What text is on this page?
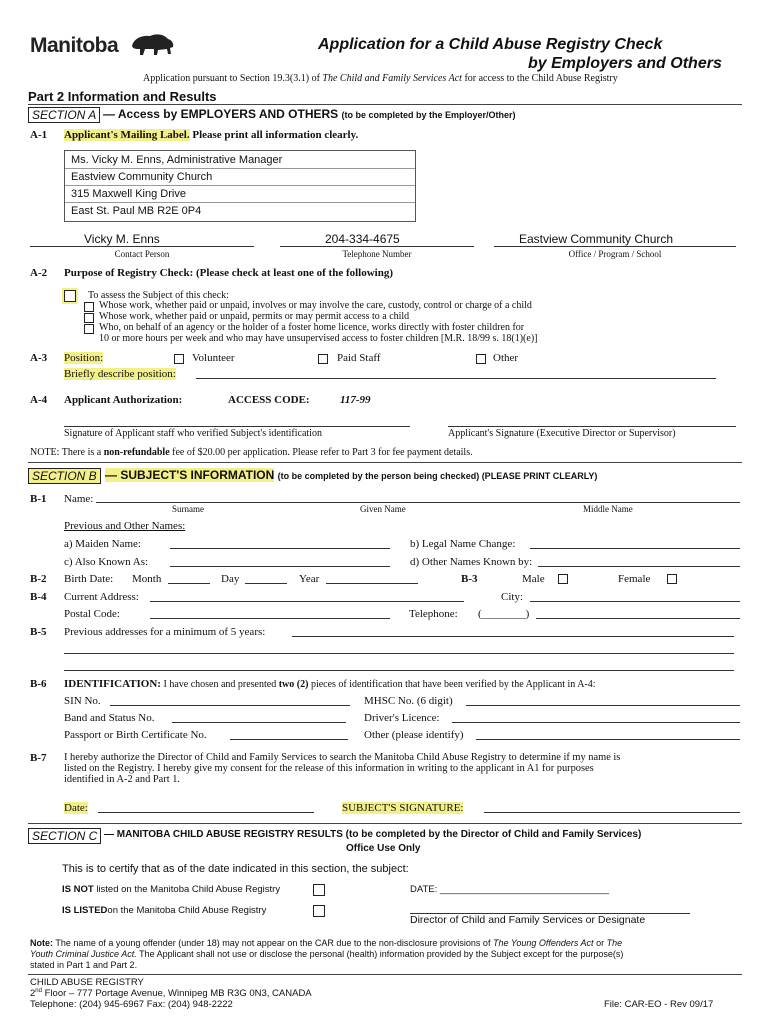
Manitoba	Application for a Child Abuse Registry Check
by Employers and Others
Application pursuant to Section 19.3(3.1) of The Child and Family Services Act for access to the Child Abuse Registry
Part 2 Information and Results
SECTION A — Access by EMPLOYERS AND OTHERS (to be completed by the Employer/Other)
A-1 Applicant's Mailing Label. Please print all information clearly.
Ms. Vicky M. Enns, Administrative Manager
Eastview Community Church
315 Maxwell King Drive
East St. Paul MB R2E 0P4
Vicky M. Enns
Contact Person
204-334-4675
Telephone Number
Eastview Community Church
Office / Program / School
A-2 Purpose of Registry Check: (Please check at least one of the following)
To assess the Subject of this check:
Whose work, whether paid or unpaid, involves or may involve the care, custody, control or charge of a child
Whose work, whether paid or unpaid, permits or may permit access to a child
Who, on behalf of an agency or the holder of a foster home licence, works directly with foster children for
10 or more hours per week and who may have unsupervised access to foster children [M.R. 18/99 s. 18(1)(e)]
A-3 Position:	Volunteer	Paid Staff	Other
Briefly describe position:
A-4 Applicant Authorization:	ACCESS CODE:	117-99
Signature of Applicant staff who verified Subject's identification	Applicant's Signature (Executive Director or Supervisor)
NOTE: There is a non-refundable fee of $20.00 per application. Please refer to Part 3 for fee payment details.
SECTION B — SUBJECT'S INFORMATION (to be completed by the person being checked) (PLEASE PRINT CLEARLY)
B-1 Name:
Surname	Given Name	Middle Name
Previous and Other Names:
a) Maiden Name:	b) Legal Name Change:
c) Also Known As:	d) Other Names Known by:
B-2 Birth Date: Month	Day	Year	B-3	Male	Female
B-4 Current Address:	City:
Postal Code:	Telephone: (________)
B-5 Previous addresses for a minimum of 5 years:
B-6 IDENTIFICATION: I have chosen and presented two (2) pieces of identification that have been verified by the Applicant in A-4:
SIN No.	MHSC No. (6 digit)
Band and Status No.	Driver's Licence:
Passport or Birth Certificate No.	Other (please identify)
B-7 I hereby authorize the Director of Child and Family Services to search the Manitoba Child Abuse Registry to determine if my name is
listed on the Registry. I hereby give my consent for the release of this information in writing to the applicant in A1 for purposes
identified in A-2 and Part 1.
Date:	SUBJECT'S SIGNATURE:
SECTION C — MANITOBA CHILD ABUSE REGISTRY RESULTS (to be completed by the Director of Child and Family Services)
Office Use Only
This is to certify that as of the date indicated in this section, the subject:
IS NOT listed on the Manitoba Child Abuse Registry	DATE: ________________________________
IS LISTEDon the Manitoba Child Abuse Registry
Director of Child and Family Services or Designate
Note: The name of a young offender (under 18) may not appear on the CAR due to the non-disclosure provisions of The Young Offenders Act or The
Youth Criminal Justice Act. The Applicant shall not use or disclose the personal (health) information provided by the Subject except for the purpose(s)
stated in Part 1 and Part 2.
CHILD ABUSE REGISTRY
2nd Floor – 777 Portage Avenue, Winnipeg MB R3G 0N3, CANADA
Telephone: (204) 945-6967 Fax: (204) 948-2222	File: CAR-EO - Rev 09/17
